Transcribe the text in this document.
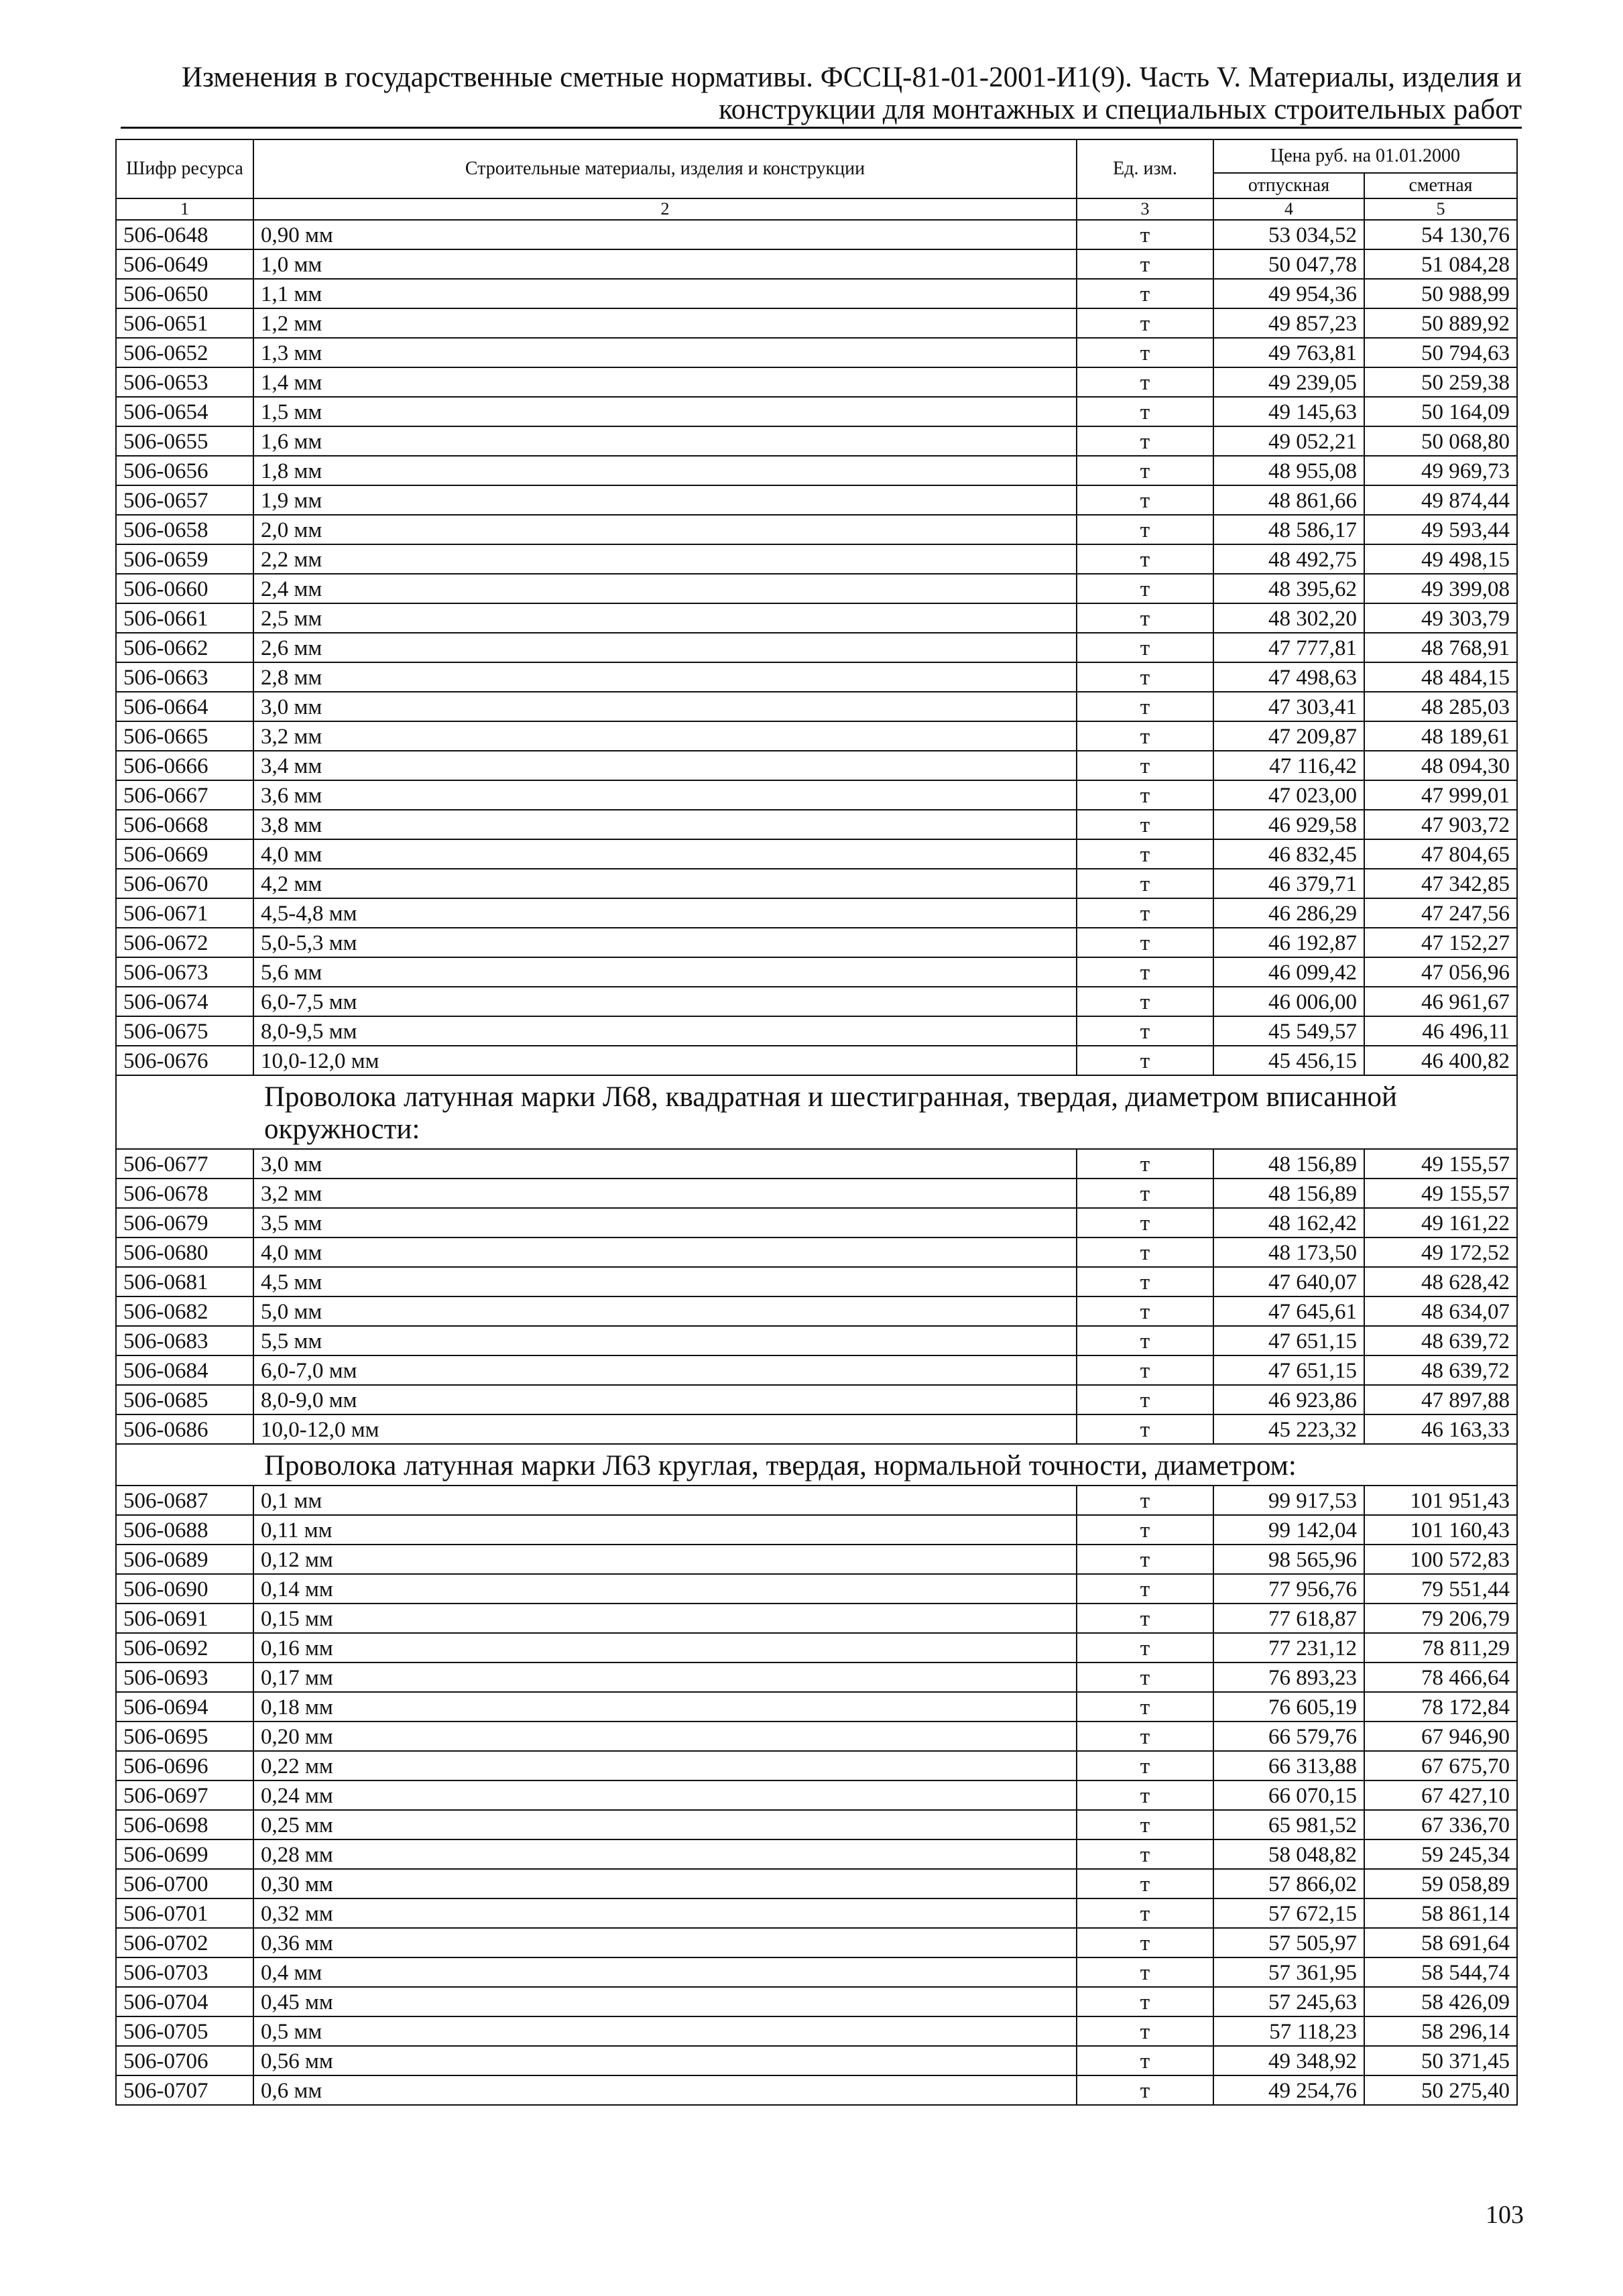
Изменения в государственные сметные нормативы. ФССЦ-81-01-2001-И1(9). Часть V. Материалы, изделия и
конструкции для монтажных и специальных строительных работ
Шифр ресурса	Строительные материалы, изделия и конструкции	Ед. изм.	Цена руб. на 01.01.2000	
			отпускная	сметная
1	2	3	4	5
506-0648	0,90 мм	т	53 034,52	54 130,76
506-0649	1,0 мм	т	50 047,78	51 084,28
506-0650	1,1 мм	т	49 954,36	50 988,99
506-0651	1,2 мм	т	49 857,23	50 889,92
506-0652	1,3 мм	т	49 763,81	50 794,63
506-0653	1,4 мм	т	49 239,05	50 259,38
506-0654	1,5 мм	т	49 145,63	50 164,09
506-0655	1,6 мм	т	49 052,21	50 068,80
506-0656	1,8 мм	т	48 955,08	49 969,73
506-0657	1,9 мм	т	48 861,66	49 874,44
506-0658	2,0 мм	т	48 586,17	49 593,44
506-0659	2,2 мм	т	48 492,75	49 498,15
506-0660	2,4 мм	т	48 395,62	49 399,08
506-0661	2,5 мм	т	48 302,20	49 303,79
506-0662	2,6 мм	т	47 777,81	48 768,91
506-0663	2,8 мм	т	47 498,63	48 484,15
506-0664	3,0 мм	т	47 303,41	48 285,03
506-0665	3,2 мм	т	47 209,87	48 189,61
506-0666	3,4 мм	т	47 116,42	48 094,30
506-0667	3,6 мм	т	47 023,00	47 999,01
506-0668	3,8 мм	т	46 929,58	47 903,72
506-0669	4,0 мм	т	46 832,45	47 804,65
506-0670	4,2 мм	т	46 379,71	47 342,85
506-0671	4,5-4,8 мм	т	46 286,29	47 247,56
506-0672	5,0-5,3 мм	т	46 192,87	47 152,27
506-0673	5,6 мм	т	46 099,42	47 056,96
506-0674	6,0-7,5 мм	т	46 006,00	46 961,67
506-0675	8,0-9,5 мм	т	45 549,57	46 496,11
506-0676	10,0-12,0 мм	т	45 456,15	46 400,82
Проволока латунная марки Л68, квадратная и шестигранная, твердая, диаметром вписанной окружности:				
506-0677	3,0 мм	т	48 156,89	49 155,57
506-0678	3,2 мм	т	48 156,89	49 155,57
506-0679	3,5 мм	т	48 162,42	49 161,22
506-0680	4,0 мм	т	48 173,50	49 172,52
506-0681	4,5 мм	т	47 640,07	48 628,42
506-0682	5,0 мм	т	47 645,61	48 634,07
506-0683	5,5 мм	т	47 651,15	48 639,72
506-0684	6,0-7,0 мм	т	47 651,15	48 639,72
506-0685	8,0-9,0 мм	т	46 923,86	47 897,88
506-0686	10,0-12,0 мм	т	45 223,32	46 163,33
Проволока латунная марки Л63 круглая, твердая, нормальной точности, диаметром:				
506-0687	0,1 мм	т	99 917,53	101 951,43
506-0688	0,11 мм	т	99 142,04	101 160,43
506-0689	0,12 мм	т	98 565,96	100 572,83
506-0690	0,14 мм	т	77 956,76	79 551,44
506-0691	0,15 мм	т	77 618,87	79 206,79
506-0692	0,16 мм	т	77 231,12	78 811,29
506-0693	0,17 мм	т	76 893,23	78 466,64
506-0694	0,18 мм	т	76 605,19	78 172,84
506-0695	0,20 мм	т	66 579,76	67 946,90
506-0696	0,22 мм	т	66 313,88	67 675,70
506-0697	0,24 мм	т	66 070,15	67 427,10
506-0698	0,25 мм	т	65 981,52	67 336,70
506-0699	0,28 мм	т	58 048,82	59 245,34
506-0700	0,30 мм	т	57 866,02	59 058,89
506-0701	0,32 мм	т	57 672,15	58 861,14
506-0702	0,36 мм	т	57 505,97	58 691,64
506-0703	0,4 мм	т	57 361,95	58 544,74
506-0704	0,45 мм	т	57 245,63	58 426,09
506-0705	0,5 мм	т	57 118,23	58 296,14
506-0706	0,56 мм	т	49 348,92	50 371,45
506-0707	0,6 мм	т	49 254,76	50 275,40
103
